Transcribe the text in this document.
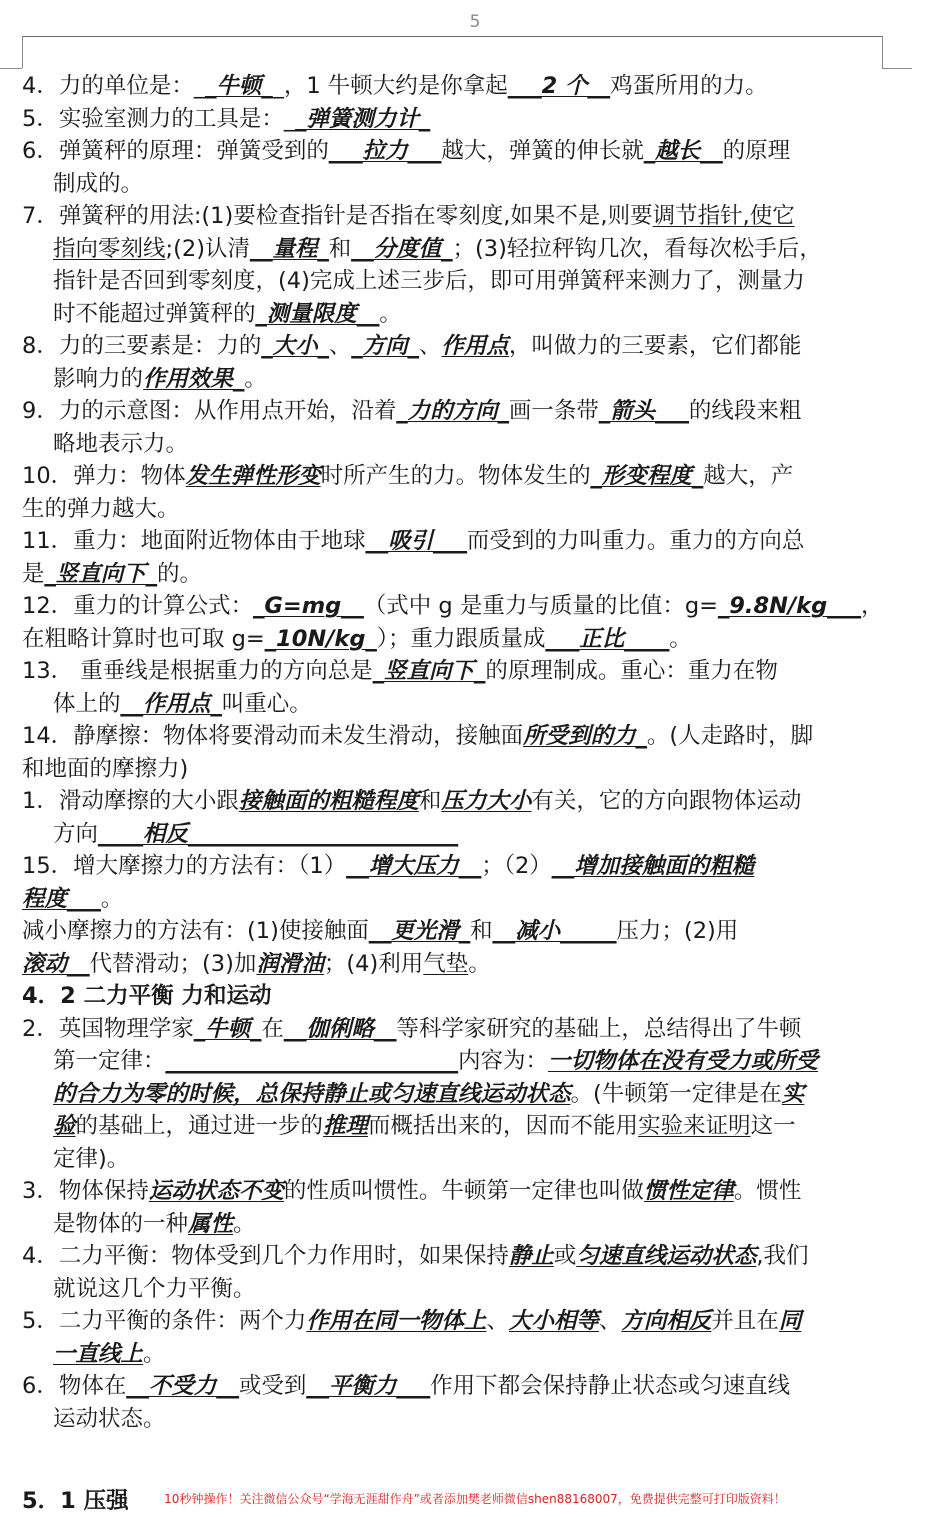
5
4．力的单位是：__牛顿__，1 牛顿大约是你拿起___2 个__鸡蛋所用的力。
5．实验室测力的工具是：__弹簧测力计_
6．弹簧秤的原理：弹簧受到的___拉力___越大，弹簧的伸长就_越长__的原理
制成的。
7．弹簧秤的用法:(1)要检查指针是否指在零刻度,如果不是,则要调节指针,使它
指向零刻线;(2)认清__量程_和__分度值_；(3)轻拉秤钩几次，看每次松手后，
指针是否回到零刻度，(4)完成上述三步后，即可用弹簧秤来测力了，测量力
时不能超过弹簧秤的_测量限度__。
8．力的三要素是：力的_大小_、_方向_、作用点，叫做力的三要素，它们都能
影响力的作用效果_。
9．力的示意图：从作用点开始，沿着_力的方向_画一条带_箭头___的线段来粗
略地表示力。
10．弹力：物体发生弹性形变时所产生的力。物体发生的_形变程度_越大，产
生的弹力越大。
11．重力：地面附近物体由于地球__吸引___而受到的力叫重力。重力的方向总
是_竖直向下_的。
12．重力的计算公式：_G=mg__（式中 g 是重力与质量的比值：g=_9.8N/kg___，
在粗略计算时也可取 g=_10N/kg_）；重力跟质量成___正比____。
13． 重垂线是根据重力的方向总是_竖直向下_的原理制成。重心：重力在物
体上的__作用点_叫重心。
14．静摩擦：物体将要滑动而未发生滑动，接触面所受到的力_。(人走路时，脚
和地面的摩擦力)
1．滑动摩擦的大小跟接触面的粗糙程度和压力大小有关，它的方向跟物体运动
方向____相反________________________
15．增大摩擦力的方法有：（1）__增大压力__；（2）__增加接触面的粗糙
程度___。
减小摩擦力的方法有：(1)使接触面__更光滑_和__减小_____压力；(2)用
滚动__代替滑动；(3)加润滑油；(4)利用气垫。
4．2 二力平衡 力和运动
2．英国物理学家_牛顿_在__伽俐略__等科学家研究的基础上，总结得出了牛顿
第一定律：__________________________内容为：一切物体在没有受力或所受
的合力为零的时候，总保持静止或匀速直线运动状态。(牛顿第一定律是在实
验的基础上，通过进一步的推理而概括出来的，因而不能用实验来证明这一
定律)。
3．物体保持运动状态不变的性质叫惯性。牛顿第一定律也叫做惯性定律。惯性
是物体的一种属性。
4．二力平衡：物体受到几个力作用时，如果保持静止或匀速直线运动状态,我们
就说这几个力平衡。
5．二力平衡的条件：两个力作用在同一物体上、大小相等、方向相反并且在同
一直线上。
6．物体在__不受力__或受到__平衡力___作用下都会保持静止状态或匀速直线
运动状态。
5．1 压强	10秒钟操作！关注微信公众号“学海无涯甜作舟”或者添加樊老师微信shen88168007，免费提供完整可打印版资料！
